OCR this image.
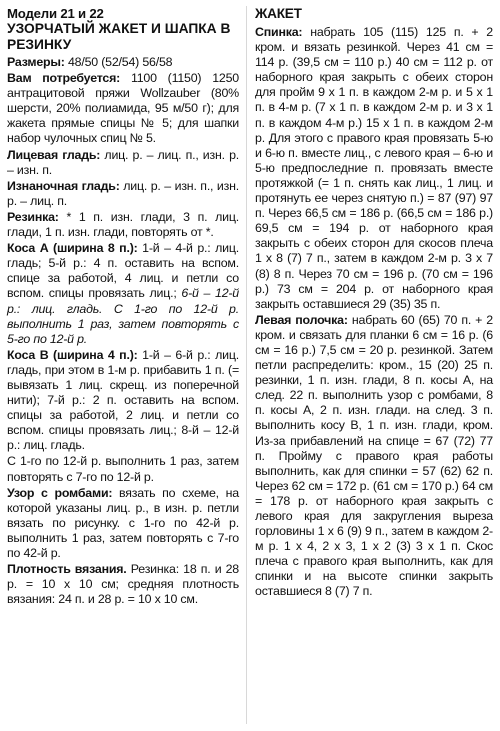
Модели 21 и 22

УЗОРЧАТЫЙ ЖАКЕТ И ШАПКА В РЕЗИНКУ

Размеры: 48/50 (52/54) 56/58

Вам потребуется: 1100 (1150) 1250 антрацитовой пряжи Wollzauber (80% шерсти, 20% полиамида, 95 м/50 г); для жакета прямые спицы № 5; для шапки набор чулочных спиц № 5.

Лицевая гладь: лиц. р. – лиц. п., изн. р. – изн. п.

Изнаночная гладь: лиц. р. – изн. п., изн. р. – лиц. п.

Резинка: * 1 п. изн. глади, 3 п. лиц. глади, 1 п. изн. глади, повторять от *.

Коса А (ширина 8 п.): 1-й – 4-й р.: лиц. гладь; 5-й р.: 4 п. оставить на вспом. спице за работой, 4 лиц. и петли со вспом. спицы провязать лиц.; 6-й – 12-й р.: лиц. гладь. С 1-го по 12-й р. выполнить 1 раз, затем повторять с 5-го по 12-й р.

Коса В (ширина 4 п.): 1-й – 6-й р.: лиц. гладь, при этом в 1-м р. прибавить 1 п. (= вывязать 1 лиц. скрещ. из поперечной нити); 7-й р.: 2 п. оставить на вспом. спицы за работой, 2 лиц. и петли со вспом. спицы провязать лиц.; 8-й – 12-й р.: лиц. гладь.

С 1-го по 12-й р. выполнить 1 раз, затем повторять с 7-го по 12-й р.

Узор с ромбами: вязать по схеме, на которой указаны лиц. р., в изн. р. петли вязать по рисунку. с 1-го по 42-й р. выполнить 1 раз, затем повторять с 7-го по 42-й р.

Плотность вязания. Резинка: 18 п. и 28 р. = 10 х 10 см; средняя плотность вязания: 24 п. и 28 р. = 10 х 10 см.

ЖАКЕТ

Спинка: набрать 105 (115) 125 п. + 2 кром. и вязать резинкой. Через 41 см = 114 р. (39,5 см = 110 р.) 40 см = 112 р. от наборного края закрыть с обеих сторон для пройм 9 х 1 п. в каждом 2-м р. и 5 х 1 п. в 4-м р. (7 х 1 п. в каждом 2-м р. и 3 х 1 п. в каждом 4-м р.) 15 х 1 п. в каждом 2-м р. Для этого с правого края провязать 5-ю и 6-ю п. вместе лиц., с левого края – 6-ю и 5-ю предпоследние п. провязать вместе протяжкой (= 1 п. снять как лиц., 1 лиц. и протянуть ее через снятую п.) = 87 (97) 97 п. Через 66,5 см = 186 р. (66,5 см = 186 р.) 69,5 см = 194 р. от наборного края закрыть с обеих сторон для скосов плеча 1 х 8 (7) 7 п., затем в каждом 2-м р. 3 х 7 (8) 8 п. Через 70 см = 196 р. (70 см = 196 р.) 73 см = 204 р. от наборного края закрыть оставшиеся 29 (35) 35 п.

Левая полочка: набрать 60 (65) 70 п. + 2 кром. и связать для планки 6 см = 16 р. (6 см = 16 р.) 7,5 см = 20 р. резинкой. Затем петли распределить: кром., 15 (20) 25 п. резинки, 1 п. изн. глади, 8 п. косы А, на след. 22 п. выполнить узор с ромбами, 8 п. косы А, 2 п. изн. глади. на след. 3 п. выполнить косу В, 1 п. изн. глади, кром. Из-за прибавлений на спице = 67 (72) 77 п. Пройму с правого края работы выполнить, как для спинки = 57 (62) 62 п. Через 62 см = 172 р. (61 см = 170 р.) 64 см = 178 р. от наборного края закрыть с левого края для закругления выреза горловины 1 х 6 (9) 9 п., затем в каждом 2-м р. 1 х 4, 2 х 3, 1 х 2 (3) 3 х 1 п. Скос плеча с правого края выполнить, как для спинки и на высоте спинки закрыть оставшиеся 8 (7) 7 п.
